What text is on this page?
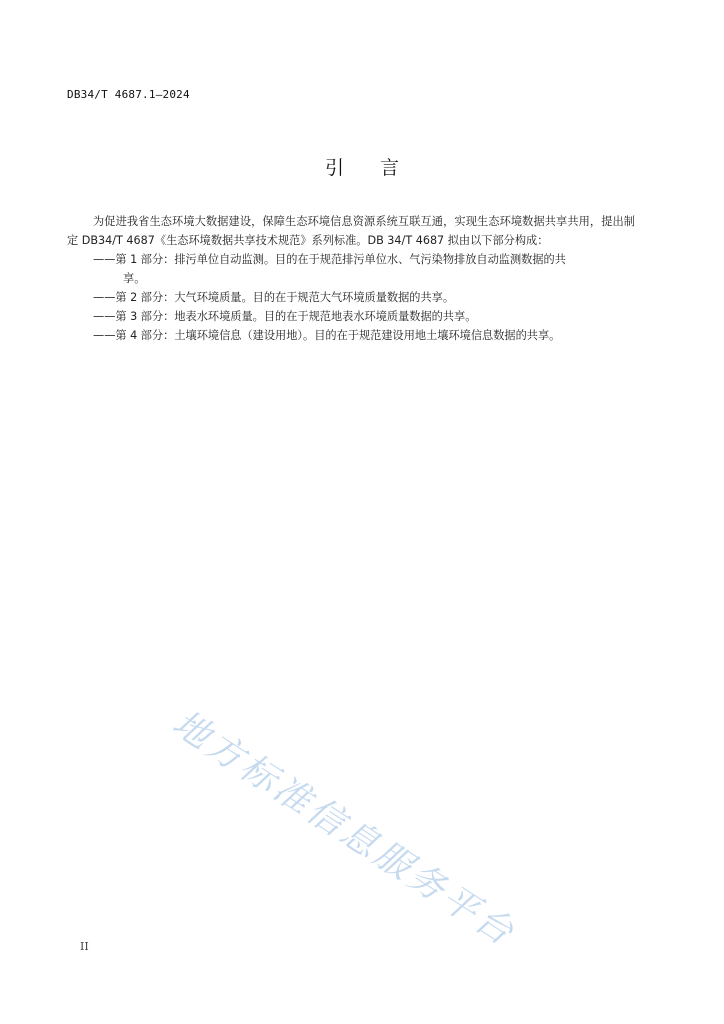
DB34/T 4687.1—2024
引言

为促进我省生态环境大数据建设，保障生态环境信息资源系统互联互通，实现生态环境数据共享共用，提出制定 DB34/T 4687《生态环境数据共享技术规范》系列标准。DB 34/T 4687 拟由以下部分构成：

——第 1 部分：排污单位自动监测。目的在于规范排污单位水、气污染物排放自动监测数据的共
享。

——第 2 部分：大气环境质量。目的在于规范大气环境质量数据的共享。

——第 3 部分：地表水环境质量。目的在于规范地表水环境质量数据的共享。

——第 4 部分：土壤环境信息（建设用地）。目的在于规范建设用地土壤环境信息数据的共享。

地方标准信息服务平台
II
